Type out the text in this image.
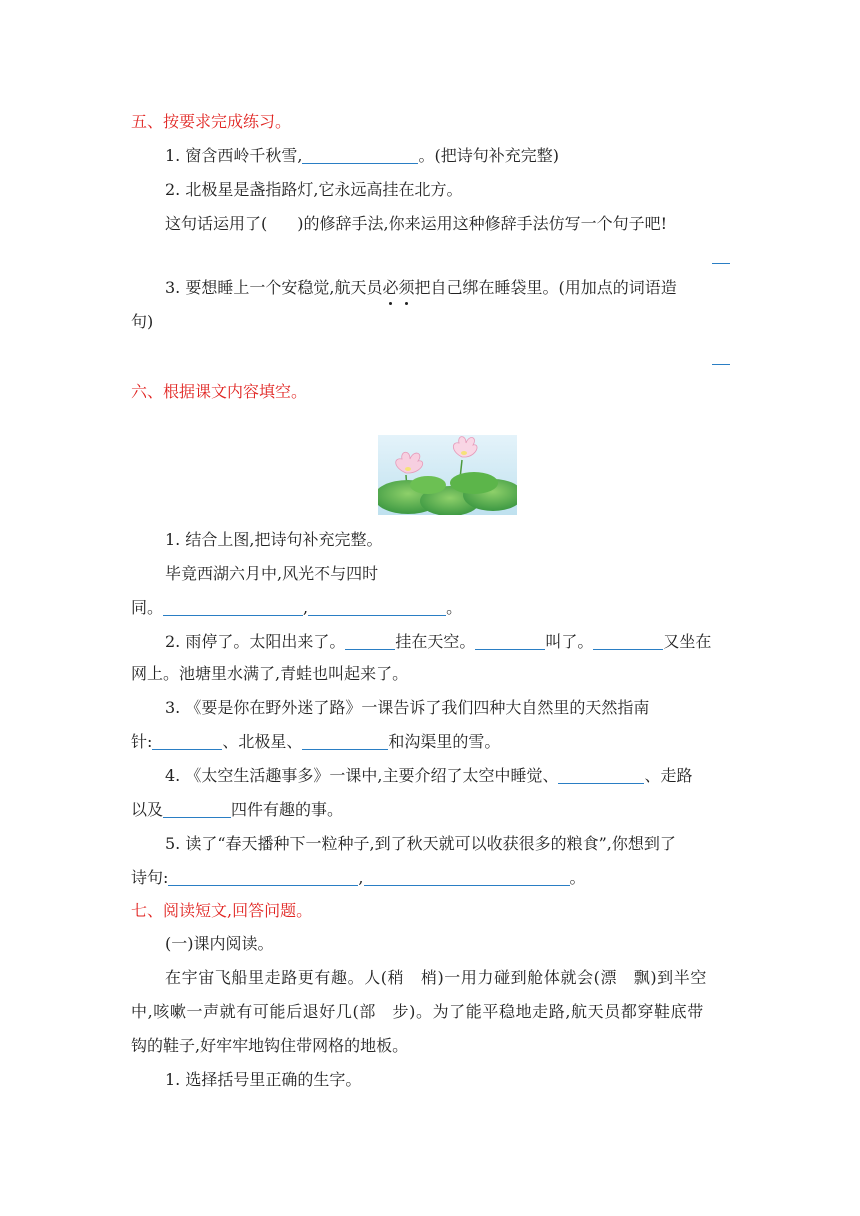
五、按要求完成练习。
1. 窗含西岭千秋雪,	。(把诗句补充完整)
2. 北极星是盏指路灯,它永远高挂在北方。
这句话运用了( )的修辞手法,你来运用这种修辞手法仿写一个句子吧!
3. 要想睡上一个安稳觉,航天员必须把自己绑在睡袋里。(用加点的词语造
句)
六、根据课文内容填空。
1. 结合上图,把诗句补充完整。
毕竟西湖六月中,风光不与四时
同。	,	。
2. 雨停了。太阳出来了。	挂在天空。	叫了。	又坐在
网上。池塘里水满了,青蛙也叫起来了。
3. 《要是你在野外迷了路》一课告诉了我们四种大自然里的天然指南
针:	、北极星、	和沟渠里的雪。
4. 《太空生活趣事多》一课中,主要介绍了太空中睡觉、	、走路
以及	四件有趣的事。
5. 读了“春天播种下一粒种子,到了秋天就可以收获很多的粮食”,你想到了
诗句:	,	。
七、阅读短文,回答问题。
(一)课内阅读。
在宇宙飞船里走路更有趣。人(稍　梢)一用力碰到舱体就会(漂　飘)到半空
中,咳嗽一声就有可能后退好几(部　步)。为了能平稳地走路,航天员都穿鞋底带
钩的鞋子,好牢牢地钩住带网格的地板。
1. 选择括号里正确的生字。
